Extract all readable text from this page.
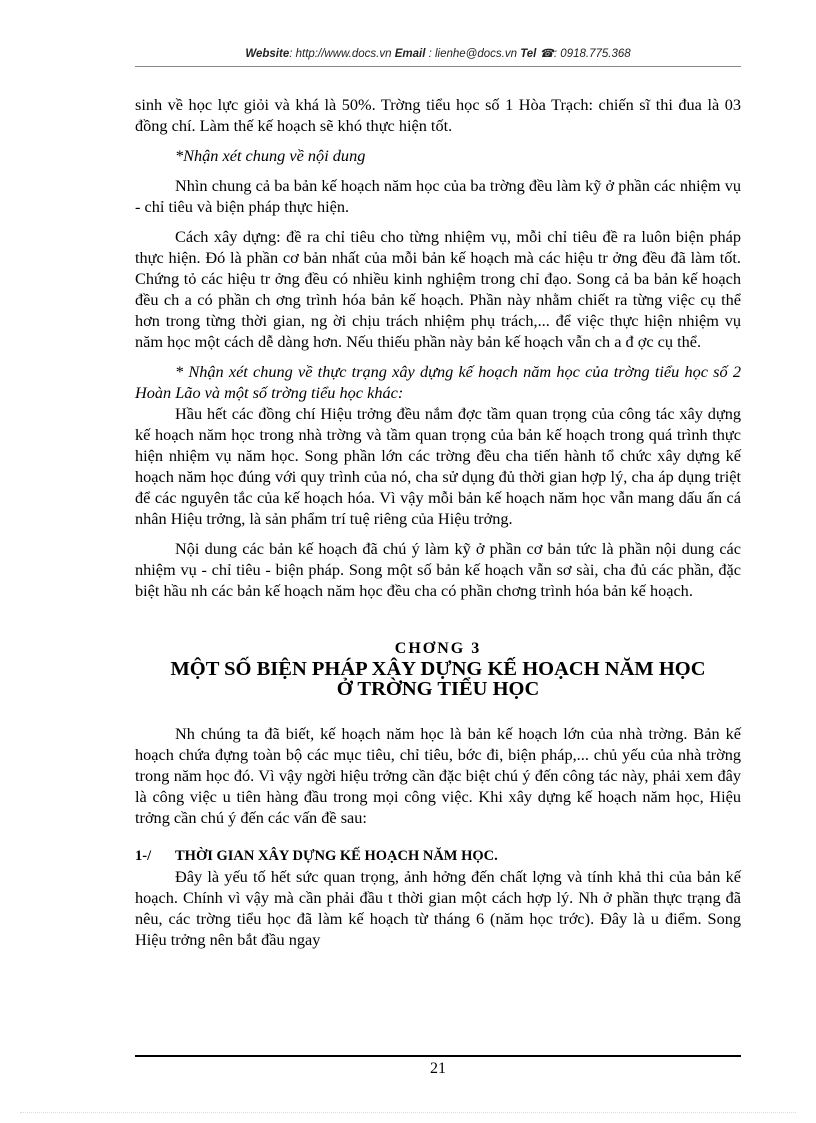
Website: http://www.docs.vn Email : lienhe@docs.vn Tel ☎: 0918.775.368

sinh về học lực giỏi và khá là 50%. Trờng tiểu học số 1 Hòa Trạch: chiến sĩ thi đua là 03 đồng chí. Làm thế kế hoạch sẽ khó thực hiện tốt.

*Nhận xét chung về nội dung

Nhìn chung cả ba bản kế hoạch năm học của ba trờng đều làm kỹ ở phần các nhiệm vụ - chỉ tiêu và biện pháp thực hiện.

Cách xây dựng: đề ra chỉ tiêu cho từng nhiệm vụ, mỗi chỉ tiêu đề ra luôn biện pháp thực hiện. Đó là phần cơ bản nhất của mỗi bản kế hoạch mà các hiệu tr ởng đều đã làm tốt. Chứng tỏ các hiệu tr ởng đều có nhiều kinh nghiệm trong chỉ đạo. Song cả ba bản kế hoạch đều ch a có phần ch ơng trình hóa bản kế hoạch. Phần này nhằm chiết ra từng việc cụ thể hơn trong từng thời gian, ng ời chịu trách nhiệm phụ trách,... để việc thực hiện nhiệm vụ năm học một cách dễ dàng hơn. Nếu thiếu phần này bản kế hoạch vẫn ch a đ ợc cụ thể.

* Nhận xét chung về thực trạng xây dựng kế hoạch năm học của trờng tiểu học số 2 Hoàn Lão và một số trờng tiểu học khác:

Hầu hết các đồng chí Hiệu trởng đều nắm đợc tầm quan trọng của công tác xây dựng kế hoạch năm học trong nhà trờng và tầm quan trọng của bản kế hoạch trong quá trình thực hiện nhiệm vụ năm học. Song phần lớn các trờng đều cha tiến hành tổ chức xây dựng kế hoạch năm học đúng với quy trình của nó, cha sử dụng đủ thời gian hợp lý, cha áp dụng triệt để các nguyên tắc của kế hoạch hóa. Vì vậy mỗi bản kế hoạch năm học vẫn mang dấu ấn cá nhân Hiệu trởng, là sản phẩm trí tuệ riêng của Hiệu trởng.

Nội dung các bản kế hoạch đã chú ý làm kỹ ở phần cơ bản tức là phần nội dung các nhiệm vụ - chỉ tiêu - biện pháp. Song một số bản kế hoạch vẫn sơ sài, cha đủ các phần, đặc biệt hầu nh các bản kế hoạch năm học đều cha có phần chơng trình hóa bản kế hoạch.

CHƠNG 3
MỘT SỐ BIỆN PHÁP XÂY DỰNG KẾ HOẠCH NĂM HỌC
Ở TRỜNG TIỂU HỌC

Nh chúng ta đã biết, kế hoạch năm học là bản kế hoạch lớn của nhà trờng. Bản kế hoạch chứa đựng toàn bộ các mục tiêu, chỉ tiêu, bớc đi, biện pháp,... chủ yếu của nhà trờng trong năm học đó. Vì vậy ngời hiệu trởng cần đặc biệt chú ý đến công tác này, phải xem đây là công việc u tiên hàng đầu trong mọi công việc. Khi xây dựng kế hoạch năm học, Hiệu trởng cần chú ý đến các vấn đề sau:

1-/ THỜI GIAN XÂY DỰNG KẾ HOẠCH NĂM HỌC.

Đây là yếu tố hết sức quan trọng, ảnh hởng đến chất lợng và tính khả thi của bản kế hoạch. Chính vì vậy mà cần phải đầu t thời gian một cách hợp lý. Nh ở phần thực trạng đã nêu, các trờng tiểu học đã làm kế hoạch từ tháng 6 (năm học trớc). Đây là u điểm. Song Hiệu trởng nên bắt đầu ngay

21
